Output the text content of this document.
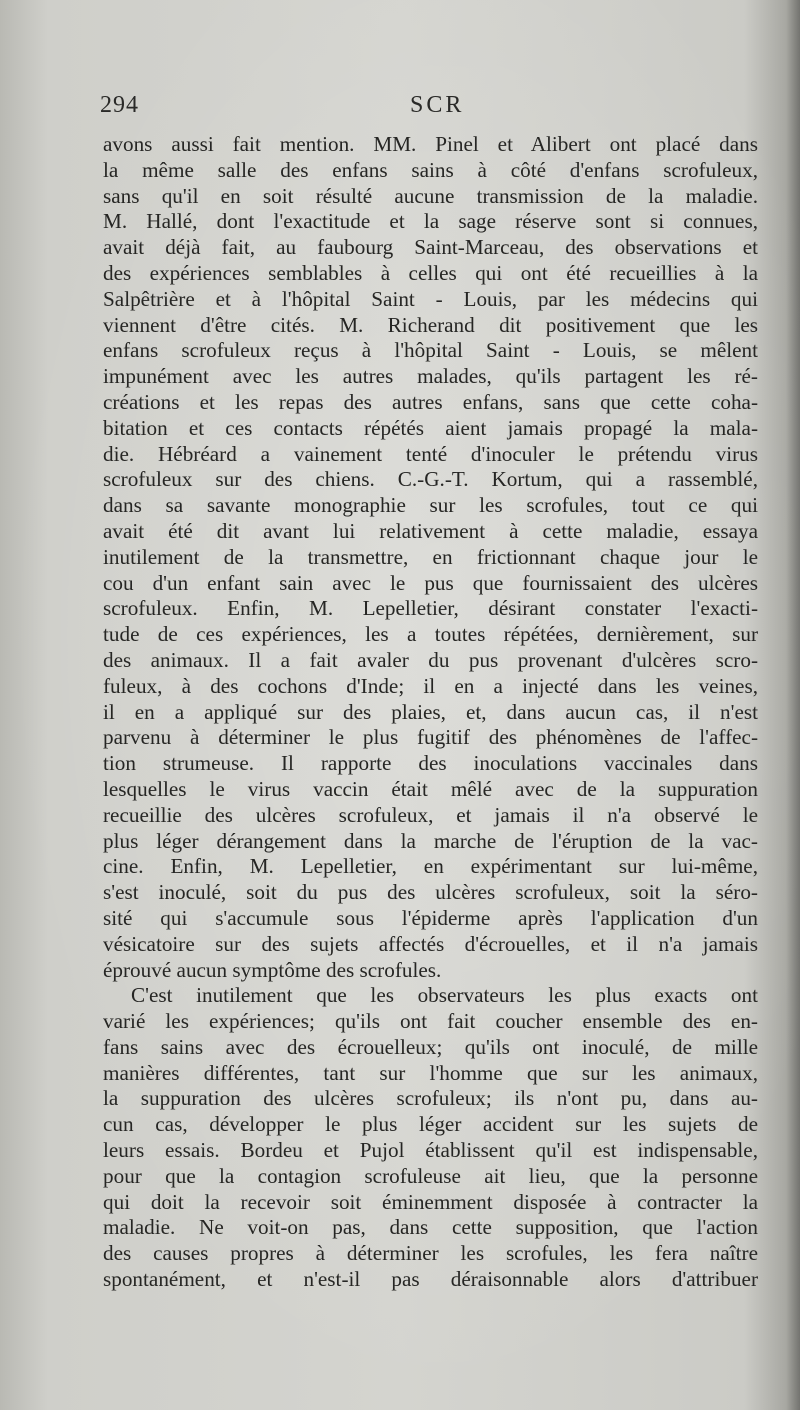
294	SCR
avons aussi fait mention. MM. Pinel et Alibert ont placé dans
la même salle des enfans sains à côté d'enfans scrofuleux,
sans qu'il en soit résulté aucune transmission de la maladie.
M. Hallé, dont l'exactitude et la sage réserve sont si connues,
avait déjà fait, au faubourg Saint-Marceau, des observations et
des expériences semblables à celles qui ont été recueillies à la
Salpêtrière et à l'hôpital Saint - Louis, par les médecins qui
viennent d'être cités. M. Richerand dit positivement que les
enfans scrofuleux reçus à l'hôpital Saint - Louis, se mêlent
impunément avec les autres malades, qu'ils partagent les ré-
créations et les repas des autres enfans, sans que cette coha-
bitation et ces contacts répétés aient jamais propagé la mala-
die. Hébréard a vainement tenté d'inoculer le prétendu virus
scrofuleux sur des chiens. C.-G.-T. Kortum, qui a rassemblé,
dans sa savante monographie sur les scrofules, tout ce qui
avait été dit avant lui relativement à cette maladie, essaya
inutilement de la transmettre, en frictionnant chaque jour le
cou d'un enfant sain avec le pus que fournissaient des ulcères
scrofuleux. Enfin, M. Lepelletier, désirant constater l'exacti-
tude de ces expériences, les a toutes répétées, dernièrement, sur
des animaux. Il a fait avaler du pus provenant d'ulcères scro-
fuleux, à des cochons d'Inde; il en a injecté dans les veines,
il en a appliqué sur des plaies, et, dans aucun cas, il n'est
parvenu à déterminer le plus fugitif des phénomènes de l'affec-
tion strumeuse. Il rapporte des inoculations vaccinales dans
lesquelles le virus vaccin était mêlé avec de la suppuration
recueillie des ulcères scrofuleux, et jamais il n'a observé le
plus léger dérangement dans la marche de l'éruption de la vac-
cine. Enfin, M. Lepelletier, en expérimentant sur lui-même,
s'est inoculé, soit du pus des ulcères scrofuleux, soit la séro-
sité qui s'accumule sous l'épiderme après l'application d'un
vésicatoire sur des sujets affectés d'écrouelles, et il n'a jamais
éprouvé aucun symptôme des scrofules.
C'est inutilement que les observateurs les plus exacts ont
varié les expériences; qu'ils ont fait coucher ensemble des en-
fans sains avec des écrouelleux; qu'ils ont inoculé, de mille
manières différentes, tant sur l'homme que sur les animaux,
la suppuration des ulcères scrofuleux; ils n'ont pu, dans au-
cun cas, développer le plus léger accident sur les sujets de
leurs essais. Bordeu et Pujol établissent qu'il est indispensable,
pour que la contagion scrofuleuse ait lieu, que la personne
qui doit la recevoir soit éminemment disposée à contracter la
maladie. Ne voit-on pas, dans cette supposition, que l'action
des causes propres à déterminer les scrofules, les fera naître
spontanément, et n'est-il pas déraisonnable alors d'attribuer
